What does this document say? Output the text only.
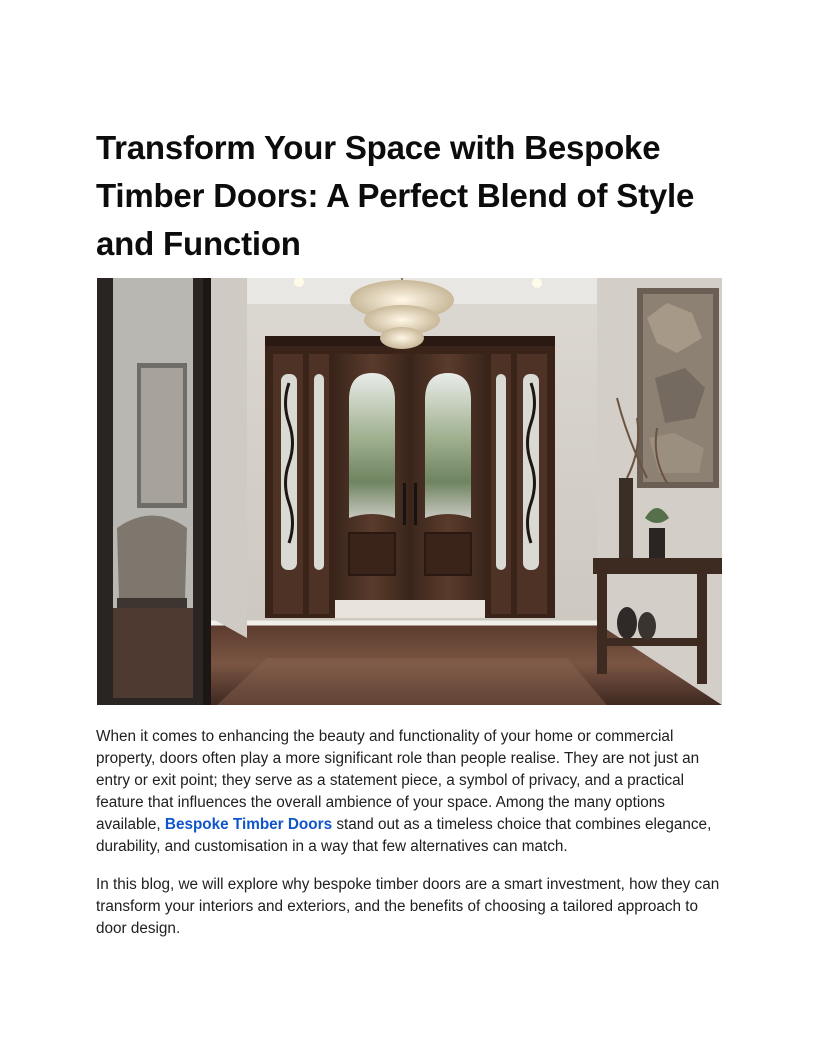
Transform Your Space with Bespoke Timber Doors: A Perfect Blend of Style and Function

When it comes to enhancing the beauty and functionality of your home or commercial property, doors often play a more significant role than people realise. They are not just an entry or exit point; they serve as a statement piece, a symbol of privacy, and a practical feature that influences the overall ambience of your space. Among the many options available, Bespoke Timber Doors stand out as a timeless choice that combines elegance, durability, and customisation in a way that few alternatives can match.

In this blog, we will explore why bespoke timber doors are a smart investment, how they can transform your interiors and exteriors, and the benefits of choosing a tailored approach to door design.
